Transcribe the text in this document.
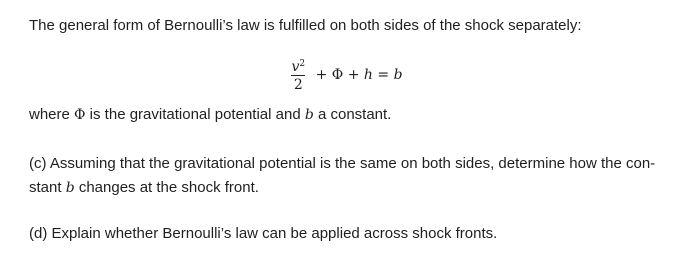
The general form of Bernoulli’s law is fulfilled on both sides of the shock separately:

$\frac{v^2}{2} + \Phi + h = b$

where Φ is the gravitational potential and b a constant.

(c) Assuming that the gravitational potential is the same on both sides, determine how the con-
stant b changes at the shock front.

(d) Explain whether Bernoulli’s law can be applied across shock fronts.
